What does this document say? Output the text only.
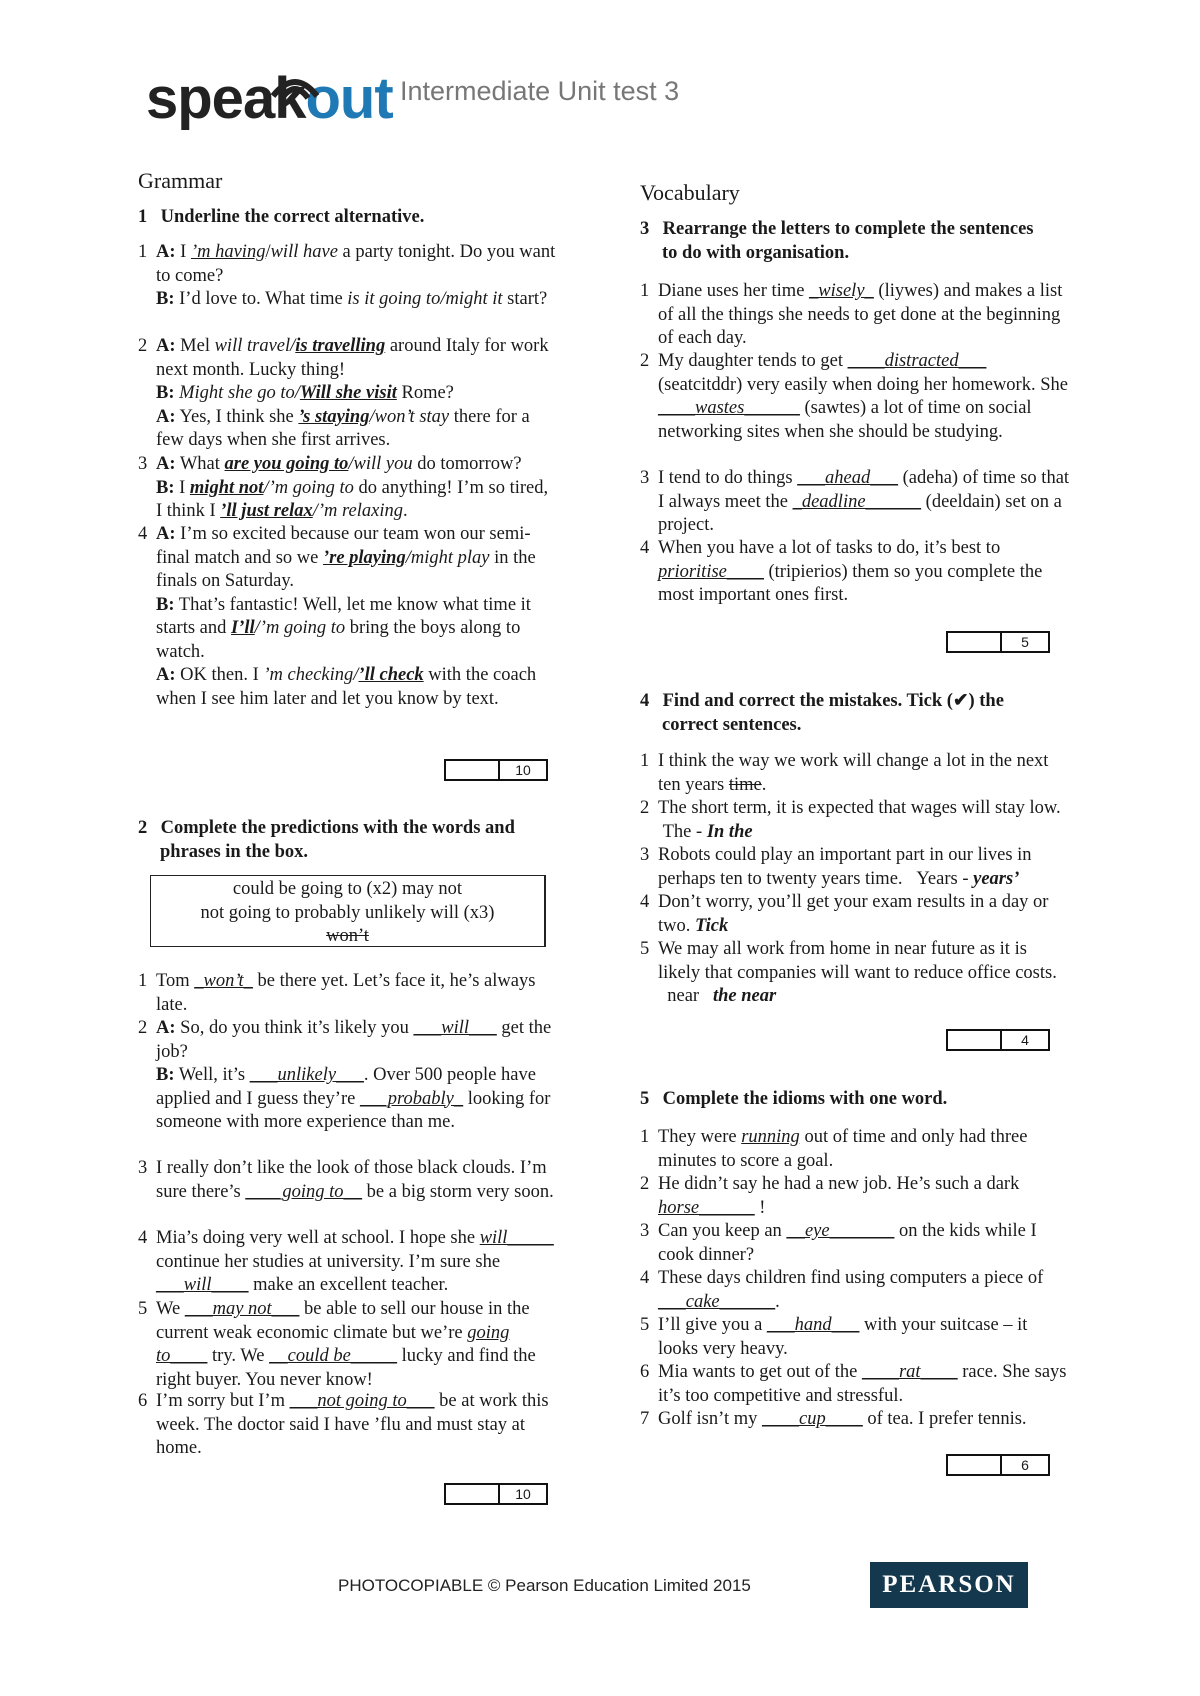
speakout Intermediate Unit test 3
Grammar
1 Underline the correct alternative.
1 A: I ’m having/will have a party tonight. Do you want to come?
B: I’d love to. What time is it going to/might it start?
2 A: Mel will travel/is travelling around Italy for work next month. Lucky thing!
B: Might she go to/Will she visit Rome?
A: Yes, I think she ’s staying/won’t stay there for a few days when she first arrives.
3 A: What are you going to/will you do tomorrow?
B: I might not/’m going to do anything! I’m so tired, I think I ’ll just relax/’m relaxing.
4 A: I’m so excited because our team won our semi-final match and so we ’re playing/might play in the finals on Saturday.
B: That’s fantastic! Well, let me know what time it starts and I’ll/’m going to bring the boys along to watch.
A: OK then. I ’m checking/’ll check with the coach when I see him later and let you know by text.
10
2 Complete the predictions with the words and
phrases in the box.
could be going to (x2) may not
not going to probably unlikely will (x3)
won’t
1 Tom _won’t_ be there yet. Let’s face it, he’s always late.
2 A: So, do you think it’s likely you ___will___ get the job?
B: Well, it’s ___unlikely___. Over 500 people have applied and I guess they’re ___probably_ looking for someone with more experience than me.
3 I really don’t like the look of those black clouds. I’m sure there’s ____going to__ be a big storm very soon.
4 Mia’s doing very well at school. I hope she will_____ continue her studies at university. I’m sure she ___will____ make an excellent teacher.
5 We ___may not___ be able to sell our house in the current weak economic climate but we’re going to____ try. We __could be_____ lucky and find the right buyer. You never know!
6 I’m sorry but I’m ___not going to___ be at work this week. The doctor said I have ’flu and must stay at home.
10
Vocabulary
3 Rearrange the letters to complete the sentences
to do with organisation.
1 Diane uses her time _wisely_ (liywes) and makes a list of all the things she needs to get done at the beginning of each day.
2 My daughter tends to get ____distracted___ (seatcitddr) very easily when doing her homework. She ____wastes______ (sawtes) a lot of time on social networking sites when she should be studying.
3 I tend to do things ___ahead___ (adeha) of time so that I always meet the _deadline______ (deeldain) set on a project.
4 When you have a lot of tasks to do, it’s best to prioritise____ (tripierios) them so you complete the most important ones first.
5
4 Find and correct the mistakes. Tick (✔) the
correct sentences.
1 I think the way we work will change a lot in the next ten years time.
2 The short term, it is expected that wages will stay low.  The - In the
3 Robots could play an important part in our lives in perhaps ten to twenty years time.   Years - years’
4 Don’t worry, you’ll get your exam results in a day or two. Tick
5 We may all work from home in near future as it is likely that companies will want to reduce office costs.   near   the near
4
5 Complete the idioms with one word.
1 They were running out of time and only had three minutes to score a goal.
2 He didn’t say he had a new job. He’s such a dark horse______ !
3 Can you keep an __eye_______ on the kids while I cook dinner?
4 These days children find using computers a piece of ___cake______.
5 I’ll give you a ___hand___ with your suitcase – it looks very heavy.
6 Mia wants to get out of the ____rat____ race. She says it’s too competitive and stressful.
7 Golf isn’t my ____cup____ of tea. I prefer tennis.
6
PHOTOCOPIABLE © Pearson Education Limited 2015	PEARSON
